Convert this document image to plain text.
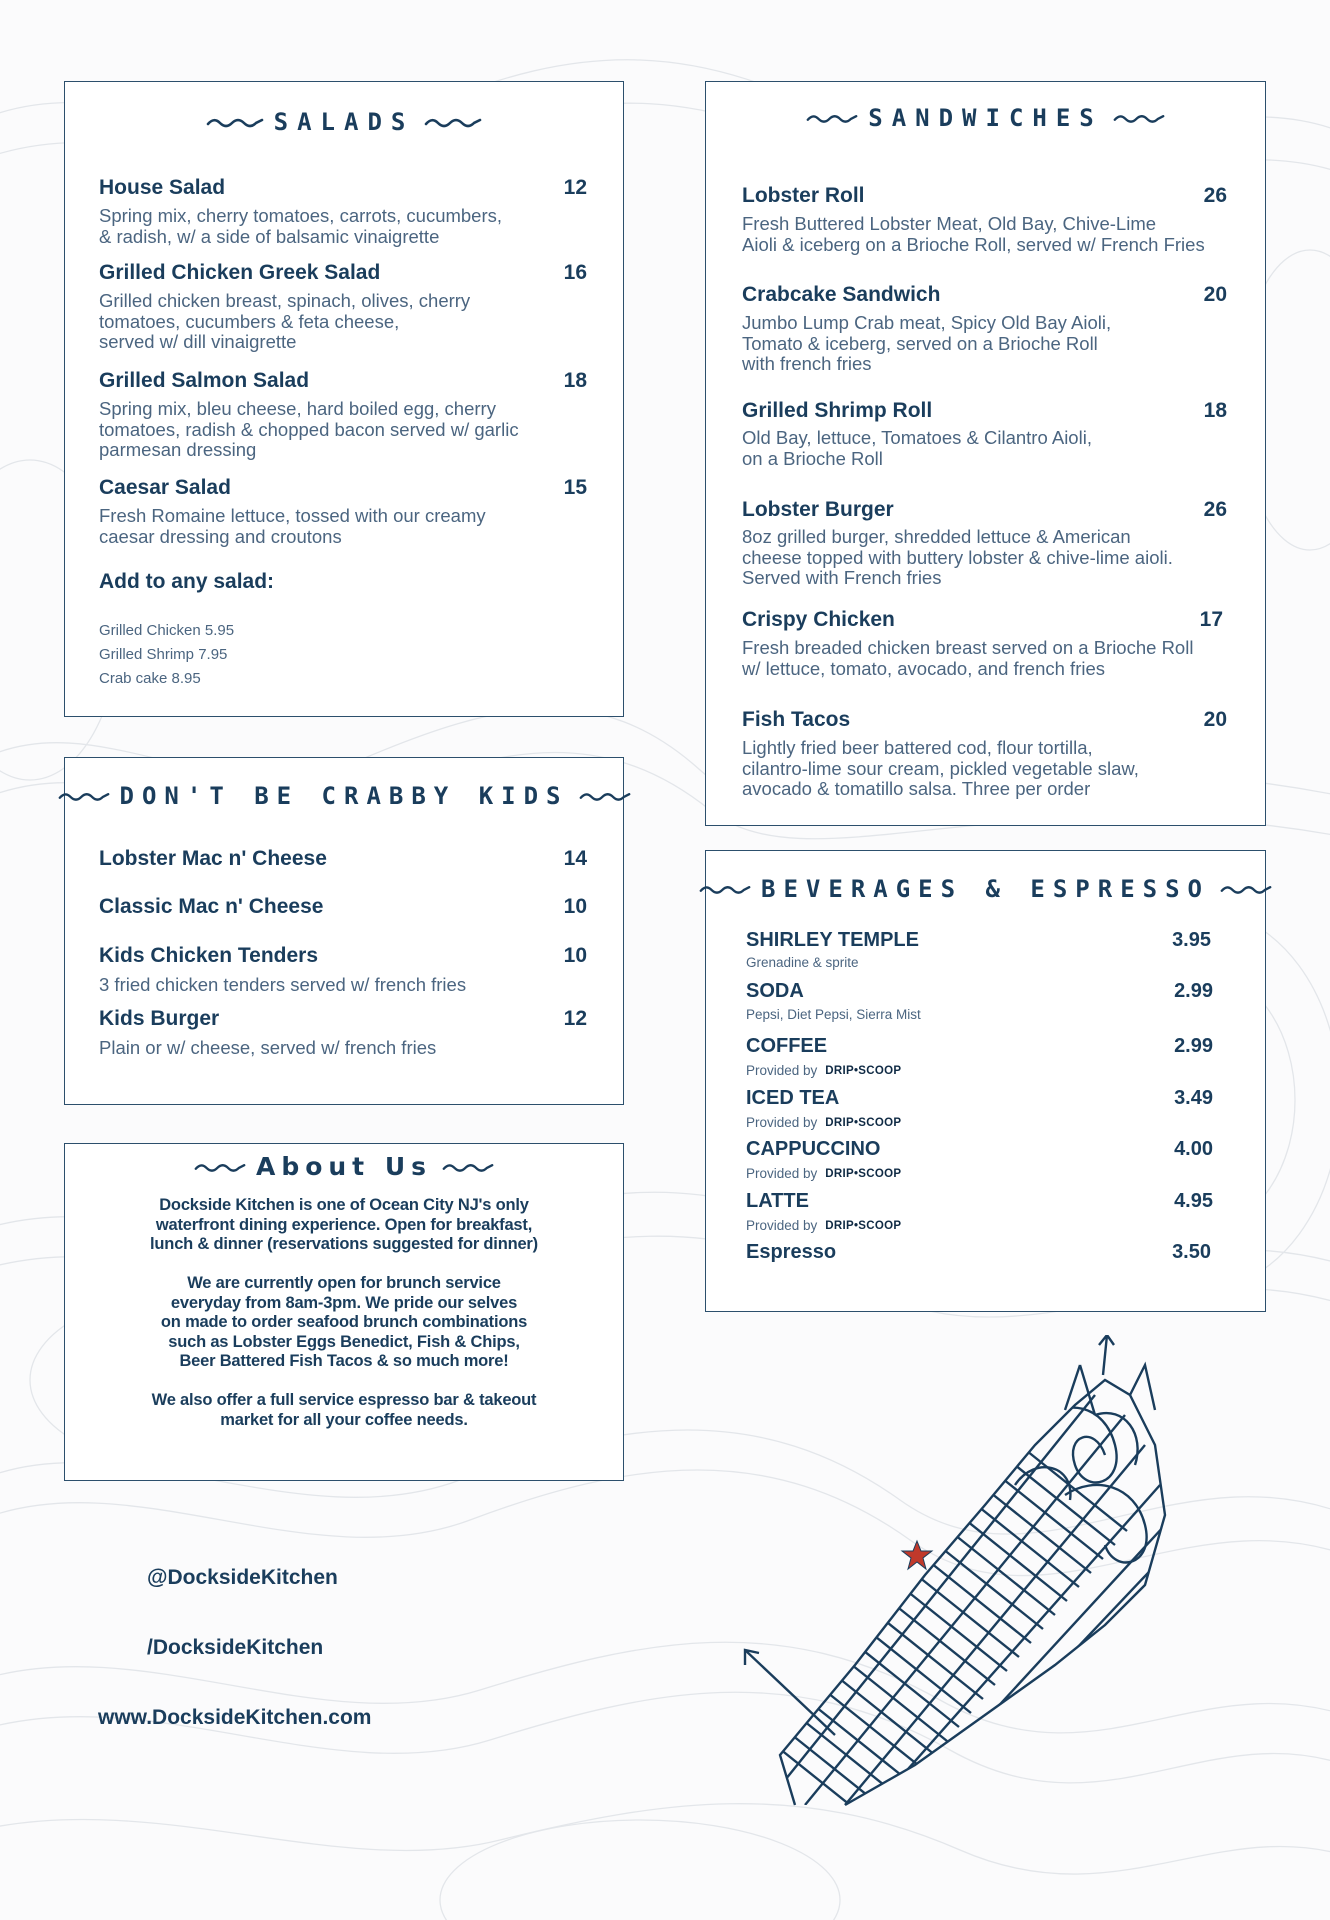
SALADS
House Salad	12
Spring mix, cherry tomatoes, carrots, cucumbers,
& radish, w/ a side of balsamic vinaigrette
Grilled Chicken Greek Salad	16
Grilled chicken breast, spinach, olives, cherry
tomatoes, cucumbers & feta cheese,
served w/ dill vinaigrette
Grilled Salmon Salad	18
Spring mix, bleu cheese, hard boiled egg, cherry
tomatoes, radish & chopped bacon served w/ garlic
parmesan dressing
Caesar Salad	15
Fresh Romaine lettuce, tossed with our creamy
caesar dressing and croutons
Add to any salad:
Grilled Chicken 5.95
Grilled Shrimp 7.95
Crab cake 8.95
DON'T BE CRABBY KIDS
Lobster Mac n' Cheese	14
Classic Mac n' Cheese	10
Kids Chicken Tenders	10
3 fried chicken tenders served w/ french fries
Kids Burger	12
Plain or w/ cheese, served w/ french fries
About Us
Dockside Kitchen is one of Ocean City NJ's only
waterfront dining experience. Open for breakfast,
lunch & dinner (reservations suggested for dinner)
We are currently open for brunch service
everyday from 8am-3pm. We pride our selves
on made to order seafood brunch combinations
such as Lobster Eggs Benedict, Fish & Chips,
Beer Battered Fish Tacos & so much more!
We also offer a full service espresso bar & takeout
market for all your coffee needs.
SANDWICHES
Lobster Roll	26
Fresh Buttered Lobster Meat, Old Bay, Chive-Lime
Aioli & iceberg on a Brioche Roll, served w/ French Fries
Crabcake Sandwich	20
Jumbo Lump Crab meat, Spicy Old Bay Aioli,
Tomato & iceberg, served on a Brioche Roll
with french fries
Grilled Shrimp Roll	18
Old Bay, lettuce, Tomatoes & Cilantro Aioli,
on a Brioche Roll
Lobster Burger	26
8oz grilled burger, shredded lettuce & American
cheese topped with buttery lobster & chive-lime aioli.
Served with French fries
Crispy Chicken	17
Fresh breaded chicken breast served on a Brioche Roll
w/ lettuce, tomato, avocado, and french fries
Fish Tacos	20
Lightly fried beer battered cod, flour tortilla,
cilantro-lime sour cream, pickled vegetable slaw,
avocado & tomatillo salsa. Three per order
BEVERAGES & ESPRESSO
SHIRLEY TEMPLE	3.95
Grenadine & sprite
SODA	2.99
Pepsi, Diet Pepsi, Sierra Mist
COFFEE	2.99
Provided by DRIP•SCOOP
ICED TEA	3.49
Provided by DRIP•SCOOP
CAPPUCCINO	4.00
Provided by DRIP•SCOOP
LATTE	4.95
Provided by DRIP•SCOOP
Espresso	3.50
@DocksideKitchen
/DocksideKitchen
www.DocksideKitchen.com
